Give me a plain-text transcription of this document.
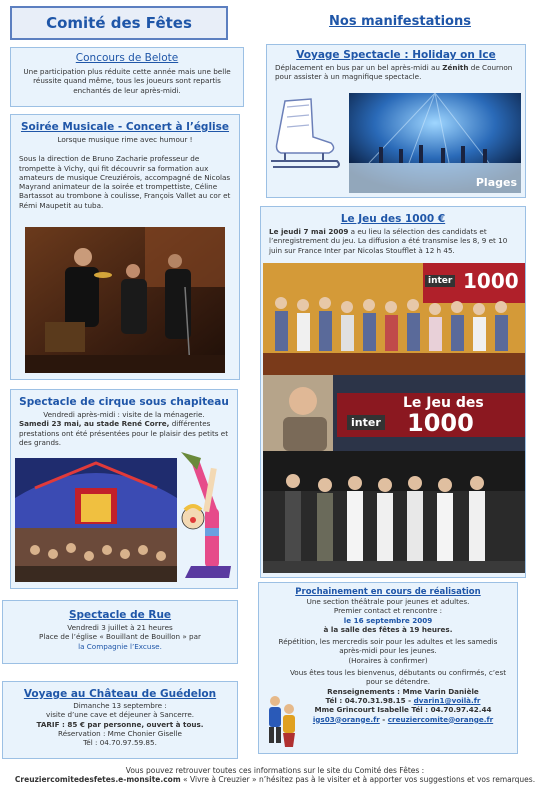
Comité des Fêtes	Nos manifestations
Concours de Belote
Une participation plus réduite cette année mais une belle réussite quand même, tous les joueurs sont repartis enchantés de leur après-midi.
Soirée Musicale - Concert à l’église
Lorsque musique rime avec humour !
Sous la direction de Bruno Zacharie professeur de trompette à Vichy, qui fit découvrir sa formation aux amateurs de musique Creuziérois, accompagné de Nicolas Mayrand animateur de la soirée et trompettiste, Céline Bartassot au trombone à coulisse, François Vallet au cor et Rémi Maupetit au tuba.
Spectacle de cirque sous chapiteau
Vendredi après-midi : visite de la ménagerie.
Samedi 23 mai, au stade René Corre, différentes prestations ont été présentées pour le plaisir des petits et des grands.
Spectacle de Rue
Vendredi 3 juillet à 21 heures
Place de l’église « Bouillant de Bouillon » par
la Compagnie l’Excuse.
Voyage au Château de Guédelon
Dimanche 13 septembre :
visite d’une cave et déjeuner à Sancerre.
TARIF : 85 € par personne, ouvert à tous.
Réservation : Mme Chonier Giselle
Tél : 04.70.97.59.85.
Voyage Spectacle : Holiday on Ice
Déplacement en bus par un bel après-midi au Zénith de Cournon pour assister à un magnifique spectacle.
Plages
Le Jeu des 1000 €
Le jeudi 7 mai 2009 a eu lieu la sélection des candidats et l’enregistrement du jeu. La diffusion a été transmise les 8, 9 et 10 juin sur France Inter par Nicolas Stoufflet à 12 h 45.
1000
inter
inter
Le Jeu des
1000
Prochainement en cours de réalisation
Une section théâtrale pour jeunes et adultes.
Premier contact et rencontre :
le 16 septembre 2009
à la salle des fêtes à 19 heures.
Répétition, les mercredis soir pour les adultes et les samedis après-midi pour les jeunes.
(Horaires à confirmer)
Vous êtes tous les bienvenus, débutants ou confirmés, c’est pour se détendre.
Renseignements : Mme Varin Danièle
Tél : 04.70.31.98.15 - dvarin1@voilà.fr
Mme Grincourt Isabelle Tél : 04.70.97.42.44
igs03@orange.fr - creuziercomite@orange.fr
Vous pouvez retrouver toutes ces informations sur le site du Comité des Fêtes :
Creuziercomitedesfetes.e-monsite.com « Vivre à Creuzier » n’hésitez pas à le visiter et à apporter vos suggestions et vos remarques.
